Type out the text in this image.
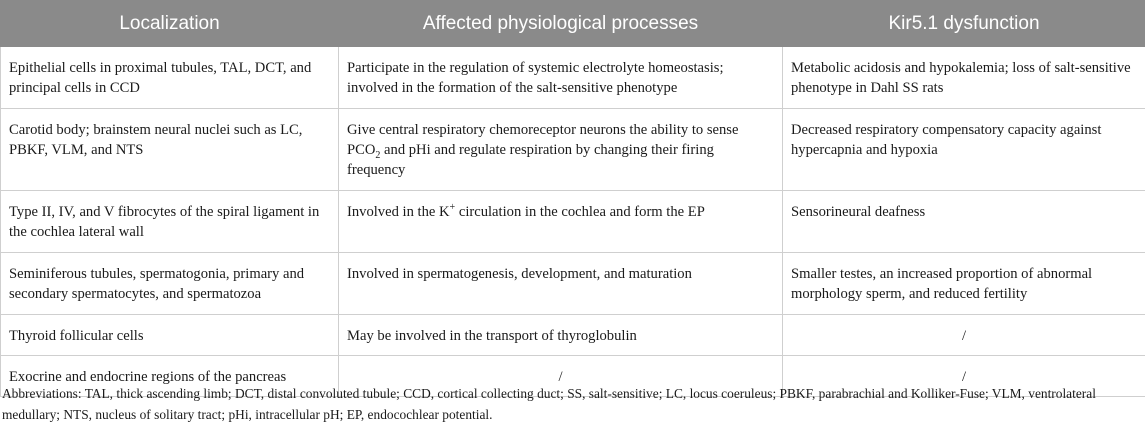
Localization	Affected physiological processes	Kir5.1 dysfunction
Epithelial cells in proximal tubules, TAL, DCT, and principal cells in CCD	Participate in the regulation of systemic electrolyte homeostasis; involved in the formation of the salt-sensitive phenotype	Metabolic acidosis and hypokalemia; loss of salt-sensitive phenotype in Dahl SS rats
Carotid body; brainstem neural nuclei such as LC, PBKF, VLM, and NTS	Give central respiratory chemoreceptor neurons the ability to sense $PCO_2$ and pHi and regulate respiration by changing their firing frequency	Decreased respiratory compensatory capacity against hypercapnia and hypoxia
Type II, IV, and V fibrocytes of the spiral ligament in the cochlea lateral wall	Involved in the K+ circulation in the cochlea and form the EP	Sensorineural deafness
Seminiferous tubules, spermatogonia, primary and secondary spermatocytes, and spermatozoa	Involved in spermatogenesis, development, and maturation	Smaller testes, an increased proportion of abnormal morphology sperm, and reduced fertility
Thyroid follicular cells	May be involved in the transport of thyroglobulin	/
Exocrine and endocrine regions of the pancreas	/	/
Abbreviations: TAL, thick ascending limb; DCT, distal convoluted tubule; CCD, cortical collecting duct; SS, salt-sensitive; LC, locus coeruleus; PBKF, parabrachial and Kolliker-Fuse; VLM, ventrolateral medullary; NTS, nucleus of solitary tract; pHi, intracellular pH; EP, endocochlear potential.
